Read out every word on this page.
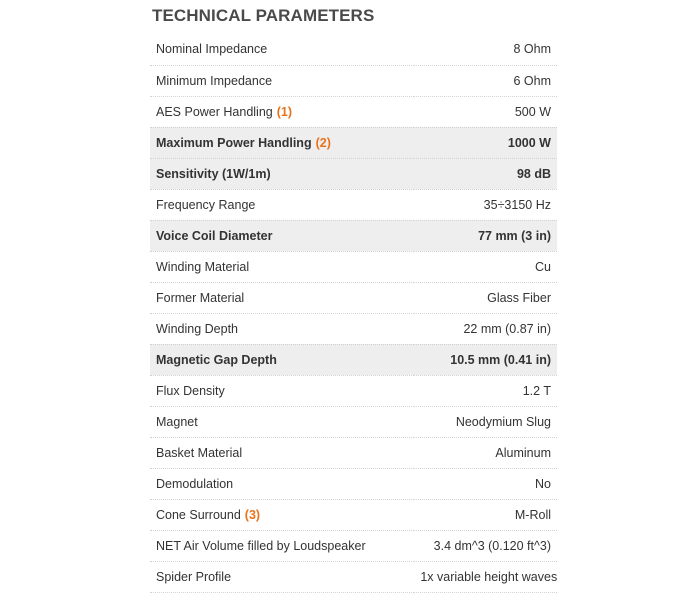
TECHNICAL PARAMETERS
Nominal Impedance	8 Ohm
Minimum Impedance	6 Ohm
AES Power Handling (1)	500 W
Maximum Power Handling (2)	1000 W
Sensitivity (1W/1m)	98 dB
Frequency Range	35÷3150 Hz
Voice Coil Diameter	77 mm (3 in)
Winding Material	Cu
Former Material	Glass Fiber
Winding Depth	22 mm (0.87 in)
Magnetic Gap Depth	10.5 mm (0.41 in)
Flux Density	1.2 T
Magnet	Neodymium Slug
Basket Material	Aluminum
Demodulation	No
Cone Surround (3)	M-Roll
NET Air Volume filled by Loudspeaker	3.4 dm^3 (0.120 ft^3)
Spider Profile	1x variable height waves
